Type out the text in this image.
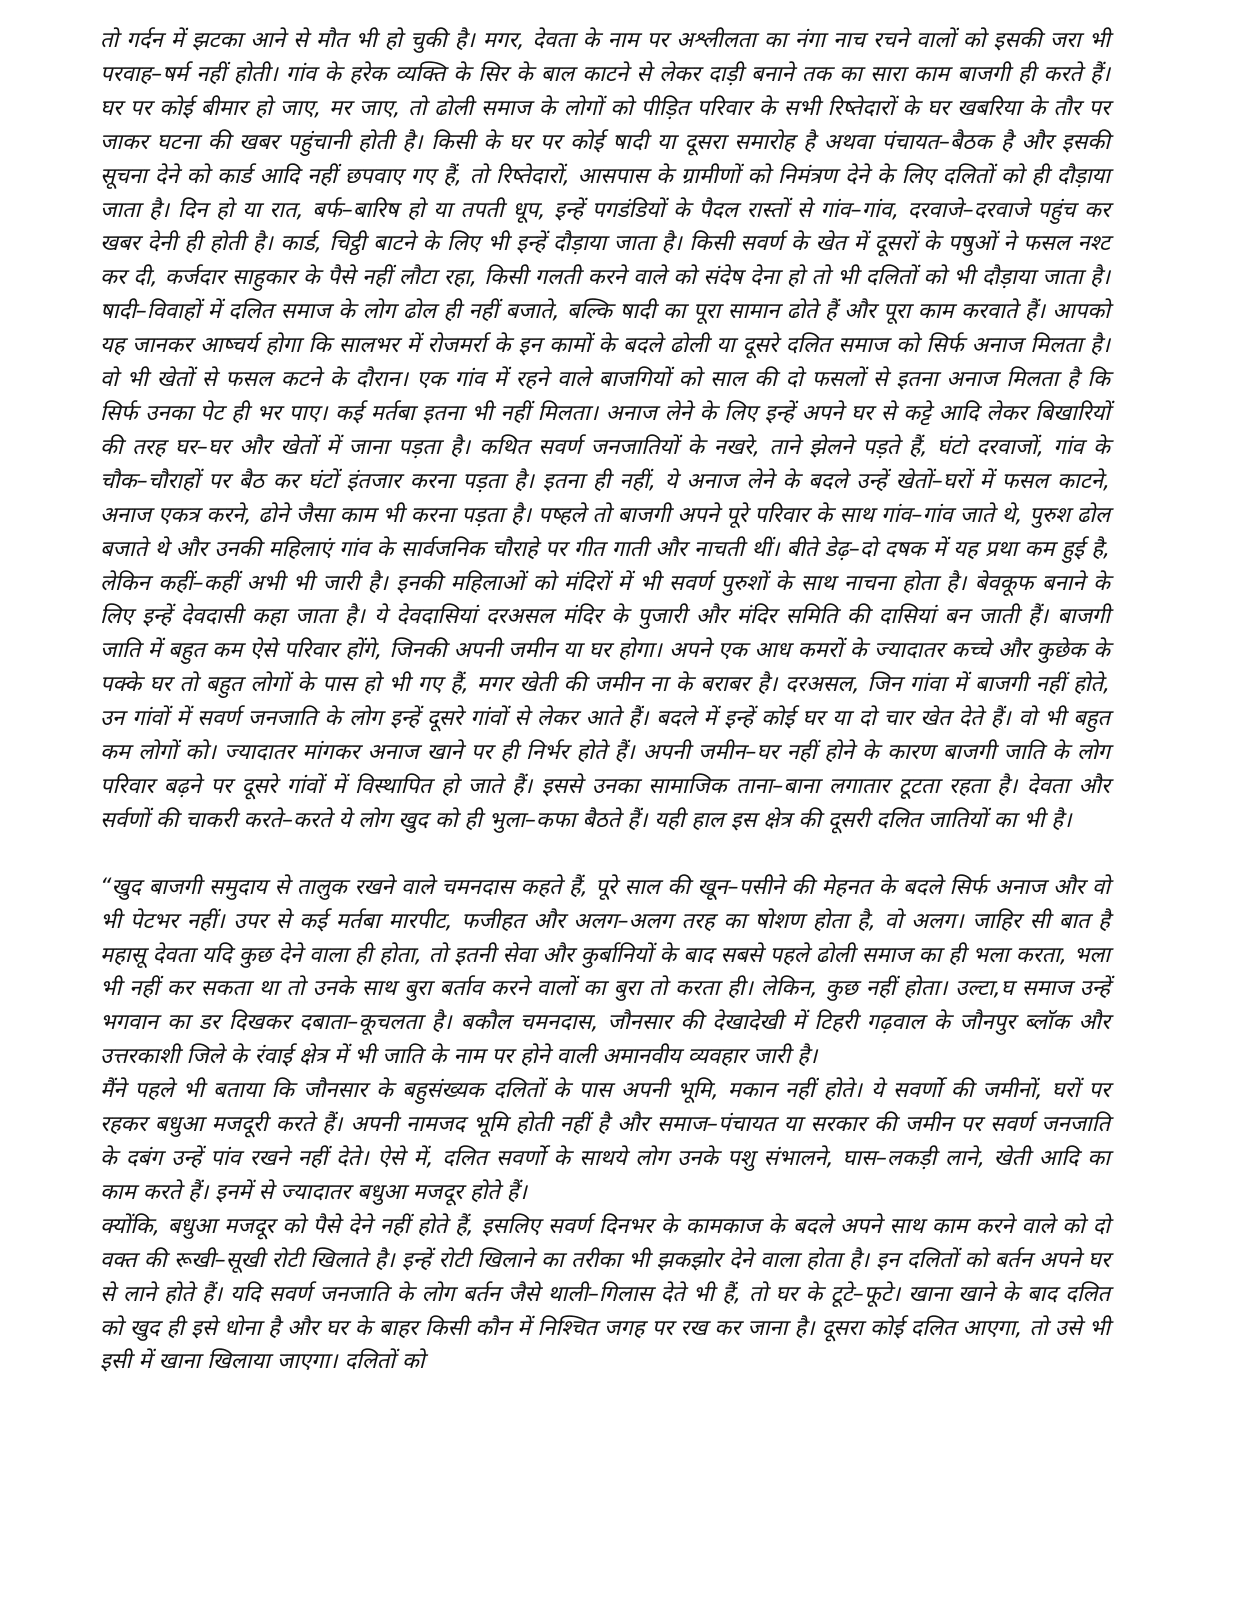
तो गर्दन में झटका आने से मौत भी हो चुकी है। मगर, देवता के नाम पर अश्लीलता का नंगा नाच रचने वालों को इसकी जरा भी परवाह–षर्म नहीं होती। गांव के हरेक व्यक्ति के सिर के बाल काटने से लेकर दाड़ी बनाने तक का सारा काम बाजगी ही करते हैं। घर पर कोई बीमार हो जाए, मर जाए, तो ढोली समाज के लोगों को पीड़ित परिवार के सभी रिष्तेदारों के घर खबरिया के तौर पर जाकर घटना की खबर पहुंचानी होती है। किसी के घर पर कोई षादी या दूसरा समारोह है अथवा पंचायत–बैठक है और इसकी सूचना देने को कार्ड आदि नहीं छपवाए गए हैं, तो रिष्तेदारों, आसपास के ग्रामीणों को निमंत्रण देने के लिए दलितों को ही दौड़ाया जाता है। दिन हो या रात, बर्फ–बारिष हो या तपती धूप, इन्हें पगडंडियों के पैदल रास्तों से गांव–गांव, दरवाजे–दरवाजे पहुंच कर खबर देनी ही होती है। कार्ड, चिट्ठी बाटने के लिए भी इन्हें दौड़ाया जाता है। किसी सवर्ण के खेत में दूसरों के पषुओं ने फसल नश्ट कर दी, कर्जदार साहुकार के पैसे नहीं लौटा रहा, किसी गलती करने वाले को संदेष देना हो तो भी दलितों को भी दौड़ाया जाता है। षादी–विवाहों में दलित समाज के लोग ढोल ही नहीं बजाते, बल्कि षादी का पूरा सामान ढोते हैं और पूरा काम करवाते हैं। आपको यह जानकर आष्चर्य होगा कि सालभर में रोजमर्रा के इन कामों के बदले ढोली या दूसरे दलित समाज को सिर्फ अनाज मिलता है। वो भी खेतों से फसल कटने के दौरान। एक गांव में रहने वाले बाजगियों को साल की दो फसलों से इतना अनाज मिलता है कि सिर्फ उनका पेट ही भर पाए। कई मर्तबा इतना भी नहीं मिलता। अनाज लेने के लिए इन्हें अपने घर से कट्टे आदि लेकर बिखारियों की तरह घर–घर और खेतों में जाना पड़ता है। कथित सवर्ण जनजातियों के नखरे, ताने झेलने पड़ते हैं, घंटो दरवाजों, गांव के चौक–चौराहों पर बैठ कर घंटों इंतजार करना पड़ता है। इतना ही नहीं, ये अनाज लेने के बदले उन्हें खेतों–घरों में फसल काटने, अनाज एकत्र करने, ढोने जैसा काम भी करना पड़ता है। पष्हले तो बाजगी अपने पूरे परिवार के साथ गांव–गांव जाते थे, पुरुश ढोल बजाते थे और उनकी महिलाएं गांव के सार्वजनिक चौराहे पर गीत गाती और नाचती थीं। बीते डेढ़–दो दषक में यह प्रथा कम हुई है, लेकिन कहीं–कहीं अभी भी जारी है। इनकी महिलाओं को मंदिरों में भी सवर्ण पुरुशों के साथ नाचना होता है। बेवकूफ बनाने के लिए इन्हें देवदासी कहा जाता है। ये देवदासियां दरअसल मंदिर के पुजारी और मंदिर समिति की दासियां बन जाती हैं। बाजगी जाति में बहुत कम ऐसे परिवार होंगे, जिनकी अपनी जमीन या घर होगा। अपने एक आध कमरों के ज्यादातर कच्चे और कुछेक के पक्के घर तो बहुत लोगों के पास हो भी गए हैं, मगर खेती की जमीन ना के बराबर है। दरअसल, जिन गांवा में बाजगी नहीं होते, उन गांवों में सवर्ण जनजाति के लोग इन्हें दूसरे गांवों से लेकर आते हैं। बदले में इन्हें कोई घर या दो चार खेत देते हैं। वो भी बहुत कम लोगों को। ज्यादातर मांगकर अनाज खाने पर ही निर्भर होते हैं। अपनी जमीन–घर नहीं होने के कारण बाजगी जाति के लोग परिवार बढ़ने पर दूसरे गांवों में विस्थापित हो जाते हैं। इससे उनका सामाजिक ताना–बाना लगातार टूटता रहता है। देवता और सर्वणों की चाकरी करते–करते ये लोग खुद को ही भुला–कफा बैठते हैं। यही हाल इस क्षेत्र की दूसरी दलित जातियों का भी है।

“खुद बाजगी समुदाय से तालुक रखने वाले चमनदास कहते हैं, पूरे साल की खून–पसीने की मेहनत के बदले सिर्फ अनाज और वो भी पेटभर नहीं। उपर से कई मर्तबा मारपीट, फजीहत और अलग–अलग तरह का षोशण होता है, वो अलग। जाहिर सी बात है महासू देवता यदि कुछ देने वाला ही होता, तो इतनी सेवा और कुर्बानियों के बाद सबसे पहले ढोली समाज का ही भला करता, भला भी नहीं कर सकता था तो उनके साथ बुरा बर्ताव करने वालों का बुरा तो करता ही। लेकिन, कुछ नहीं होता। उल्टा,घ समाज उन्हें भगवान का डर दिखकर दबाता–कूचलता है। बकौल चमनदास, जौनसार की देखादेखी में टिहरी गढ़वाल के जौनपुर ब्लॉक और उत्तरकाशी जिले के रंवाई क्षेत्र में भी जाति के नाम पर होने वाली अमानवीय व्यवहार जारी है।

मैंने पहले भी बताया कि जौनसार के बहुसंख्यक दलितों के पास अपनी भूमि, मकान नहीं होते। ये सवर्णो की जमीनों, घरों पर रहकर बधुआ मजदूरी करते हैं। अपनी नामजद भूमि होती नहीं है और समाज–पंचायत या सरकार की जमीन पर सवर्ण जनजाति के दबंग उन्हें पांव रखने नहीं देते। ऐसे में, दलित सवर्णो के साथये लोग उनके पशु संभालने, घास–लकड़ी लाने, खेती आदि का काम करते हैं। इनमें से ज्यादातर बधुआ मजदूर होते हैं।

क्योंकि, बधुआ मजदूर को पैसे देने नहीं होते हैं, इसलिए सवर्ण दिनभर के कामकाज के बदले अपने साथ काम करने वाले को दो वक्त की रूखी–सूखी रोटी खिलाते है। इन्हें रोटी खिलाने का तरीका भी झकझोर देने वाला होता है। इन दलितों को बर्तन अपने घर से लाने होते हैं। यदि सवर्ण जनजाति के लोग बर्तन जैसे थाली–गिलास देते भी हैं, तो घर के टूटे–फूटे। खाना खाने के बाद दलित को खुद ही इसे धोना है और घर के बाहर किसी कौन में निश्चित जगह पर रख कर जाना है। दूसरा कोई दलित आएगा, तो उसे भी इसी में खाना खिलाया जाएगा। दलितों को
